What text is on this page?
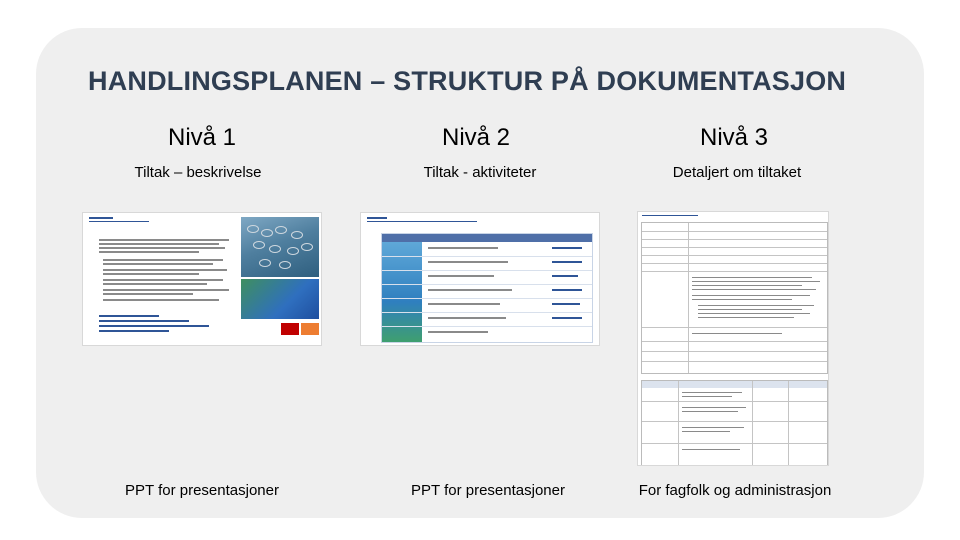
HANDLINGSPLANEN – STRUKTUR PÅ DOKUMENTASJON
Nivå 1
Tiltak – beskrivelse
PPT for presentasjoner
Nivå 2
Tiltak - aktiviteter
PPT for presentasjoner
Nivå 3
Detaljert om tiltaket
For fagfolk og administrasjon
